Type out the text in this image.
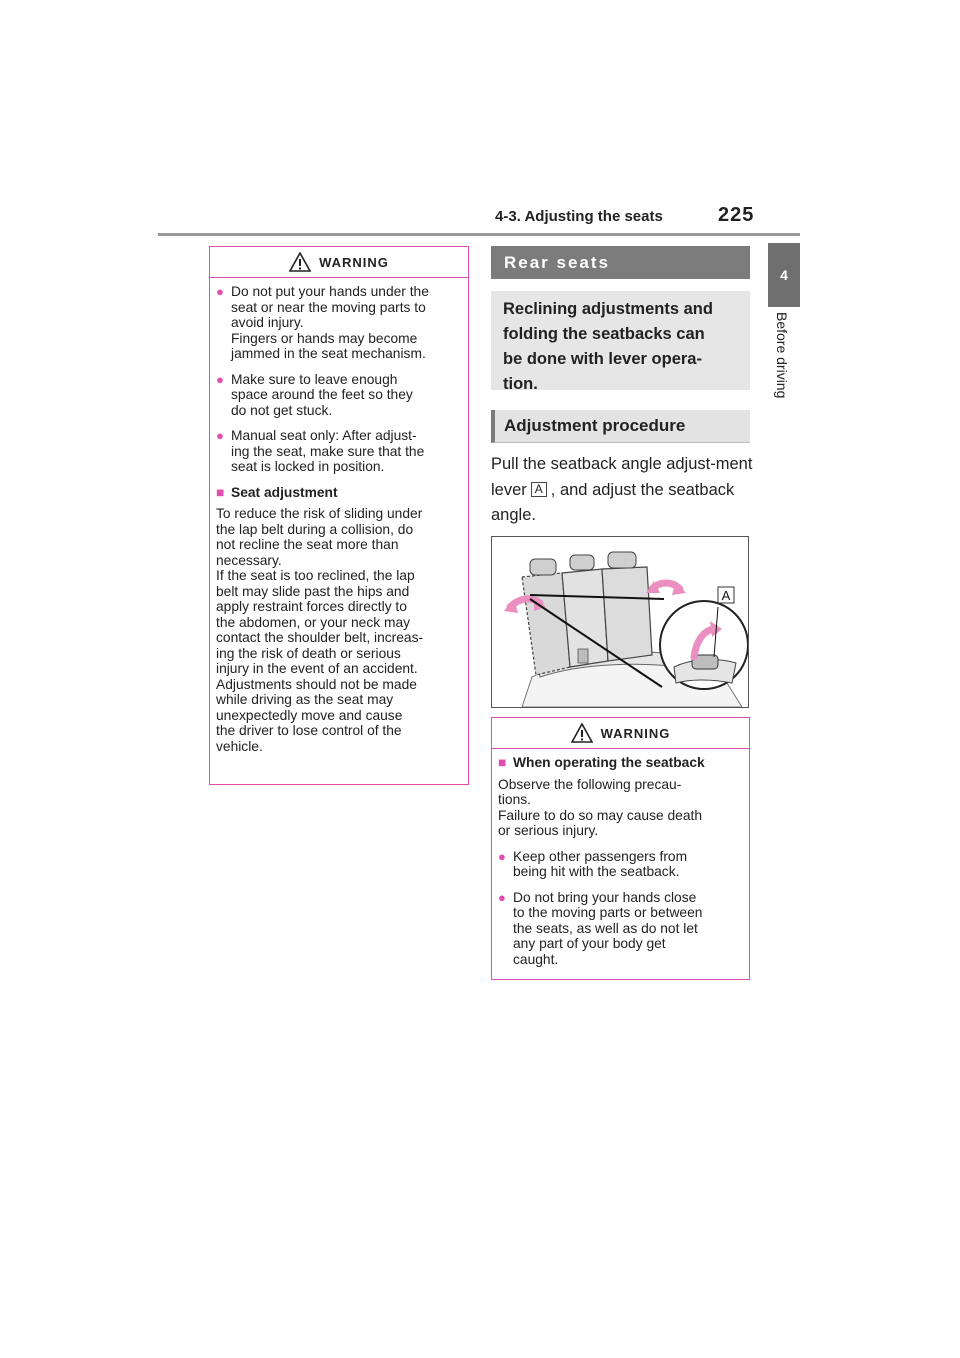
4-3. Adjusting the seats	225
4
Before driving
WARNING
● Do not put your hands under the
seat or near the moving parts to
avoid injury.
Fingers or hands may become
jammed in the seat mechanism.
● Make sure to leave enough
space around the feet so they
do not get stuck.
● Manual seat only: After adjust-
ing the seat, make sure that the
seat is locked in position.
■ Seat adjustment
To reduce the risk of sliding under
the lap belt during a collision, do
not recline the seat more than
necessary.
If the seat is too reclined, the lap
belt may slide past the hips and
apply restraint forces directly to
the abdomen, or your neck may
contact the shoulder belt, increas-
ing the risk of death or serious
injury in the event of an accident.
Adjustments should not be made
while driving as the seat may
unexpectedly move and cause
the driver to lose control of the
vehicle.
Rear seats
Reclining adjustments and
folding the seatbacks can
be done with lever opera-
tion.
Adjustment procedure
Pull the seatback angle adjust-ment lever A , and adjust the seatback angle.
A
WARNING
■ When operating the seatback
Observe the following precau-
tions.
Failure to do so may cause death
or serious injury.
● Keep other passengers from
being hit with the seatback.
● Do not bring your hands close
to the moving parts or between
the seats, as well as do not let
any part of your body get
caught.
